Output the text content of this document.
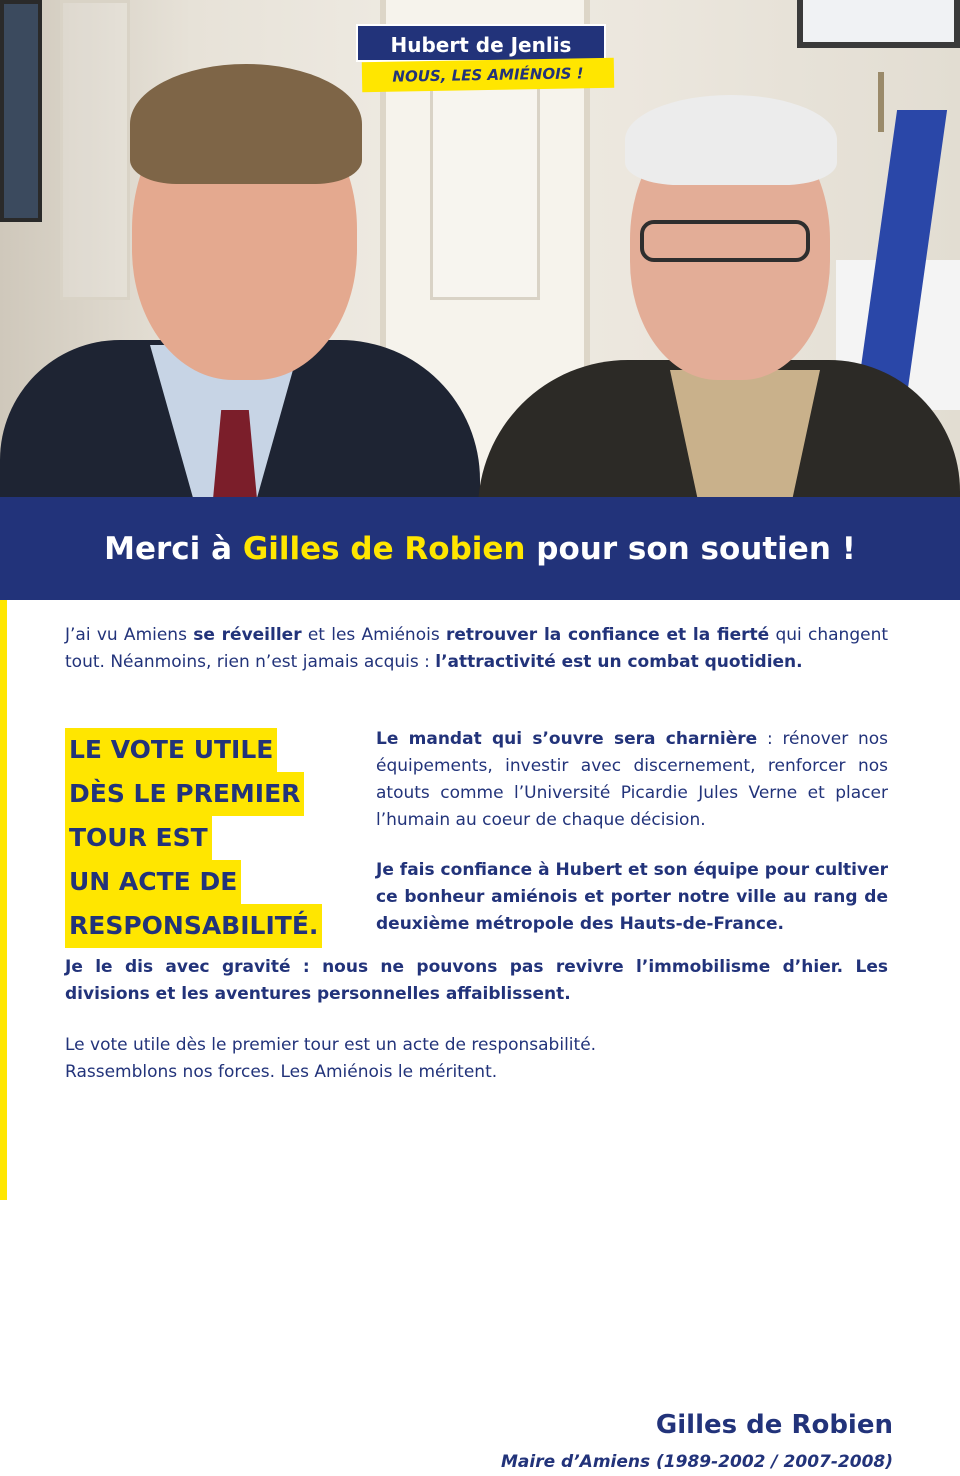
Hubert de Jenlis
NOUS, LES AMIÉNOIS !
Merci à Gilles de Robien pour son soutien !

J’ai vu Amiens se réveiller et les Amiénois retrouver la confiance et la fierté qui changent tout. Néanmoins, rien n’est jamais acquis : l’attractivité est un combat quotidien.

LE VOTE UTILE
DÈS LE PREMIER
TOUR EST
UN ACTE DE
RESPONSABILITÉ.

Le mandat qui s’ouvre sera charnière : rénover nos équipements, investir avec discernement, renforcer nos atouts comme l’Université Picardie Jules Verne et placer l’humain au coeur de chaque décision.

Je fais confiance à Hubert et son équipe pour cultiver ce bonheur amiénois et porter notre ville au rang de deuxième métropole des Hauts-de-France.

Je le dis avec gravité : nous ne pouvons pas revivre l’immobilisme d’hier. Les divisions et les aventures personnelles affaiblissent.

Le vote utile dès le premier tour est un acte de responsabilité.
Rassemblons nos forces. Les Amiénois le méritent.

Gilles de Robien
Maire d’Amiens (1989-2002 / 2007-2008)
